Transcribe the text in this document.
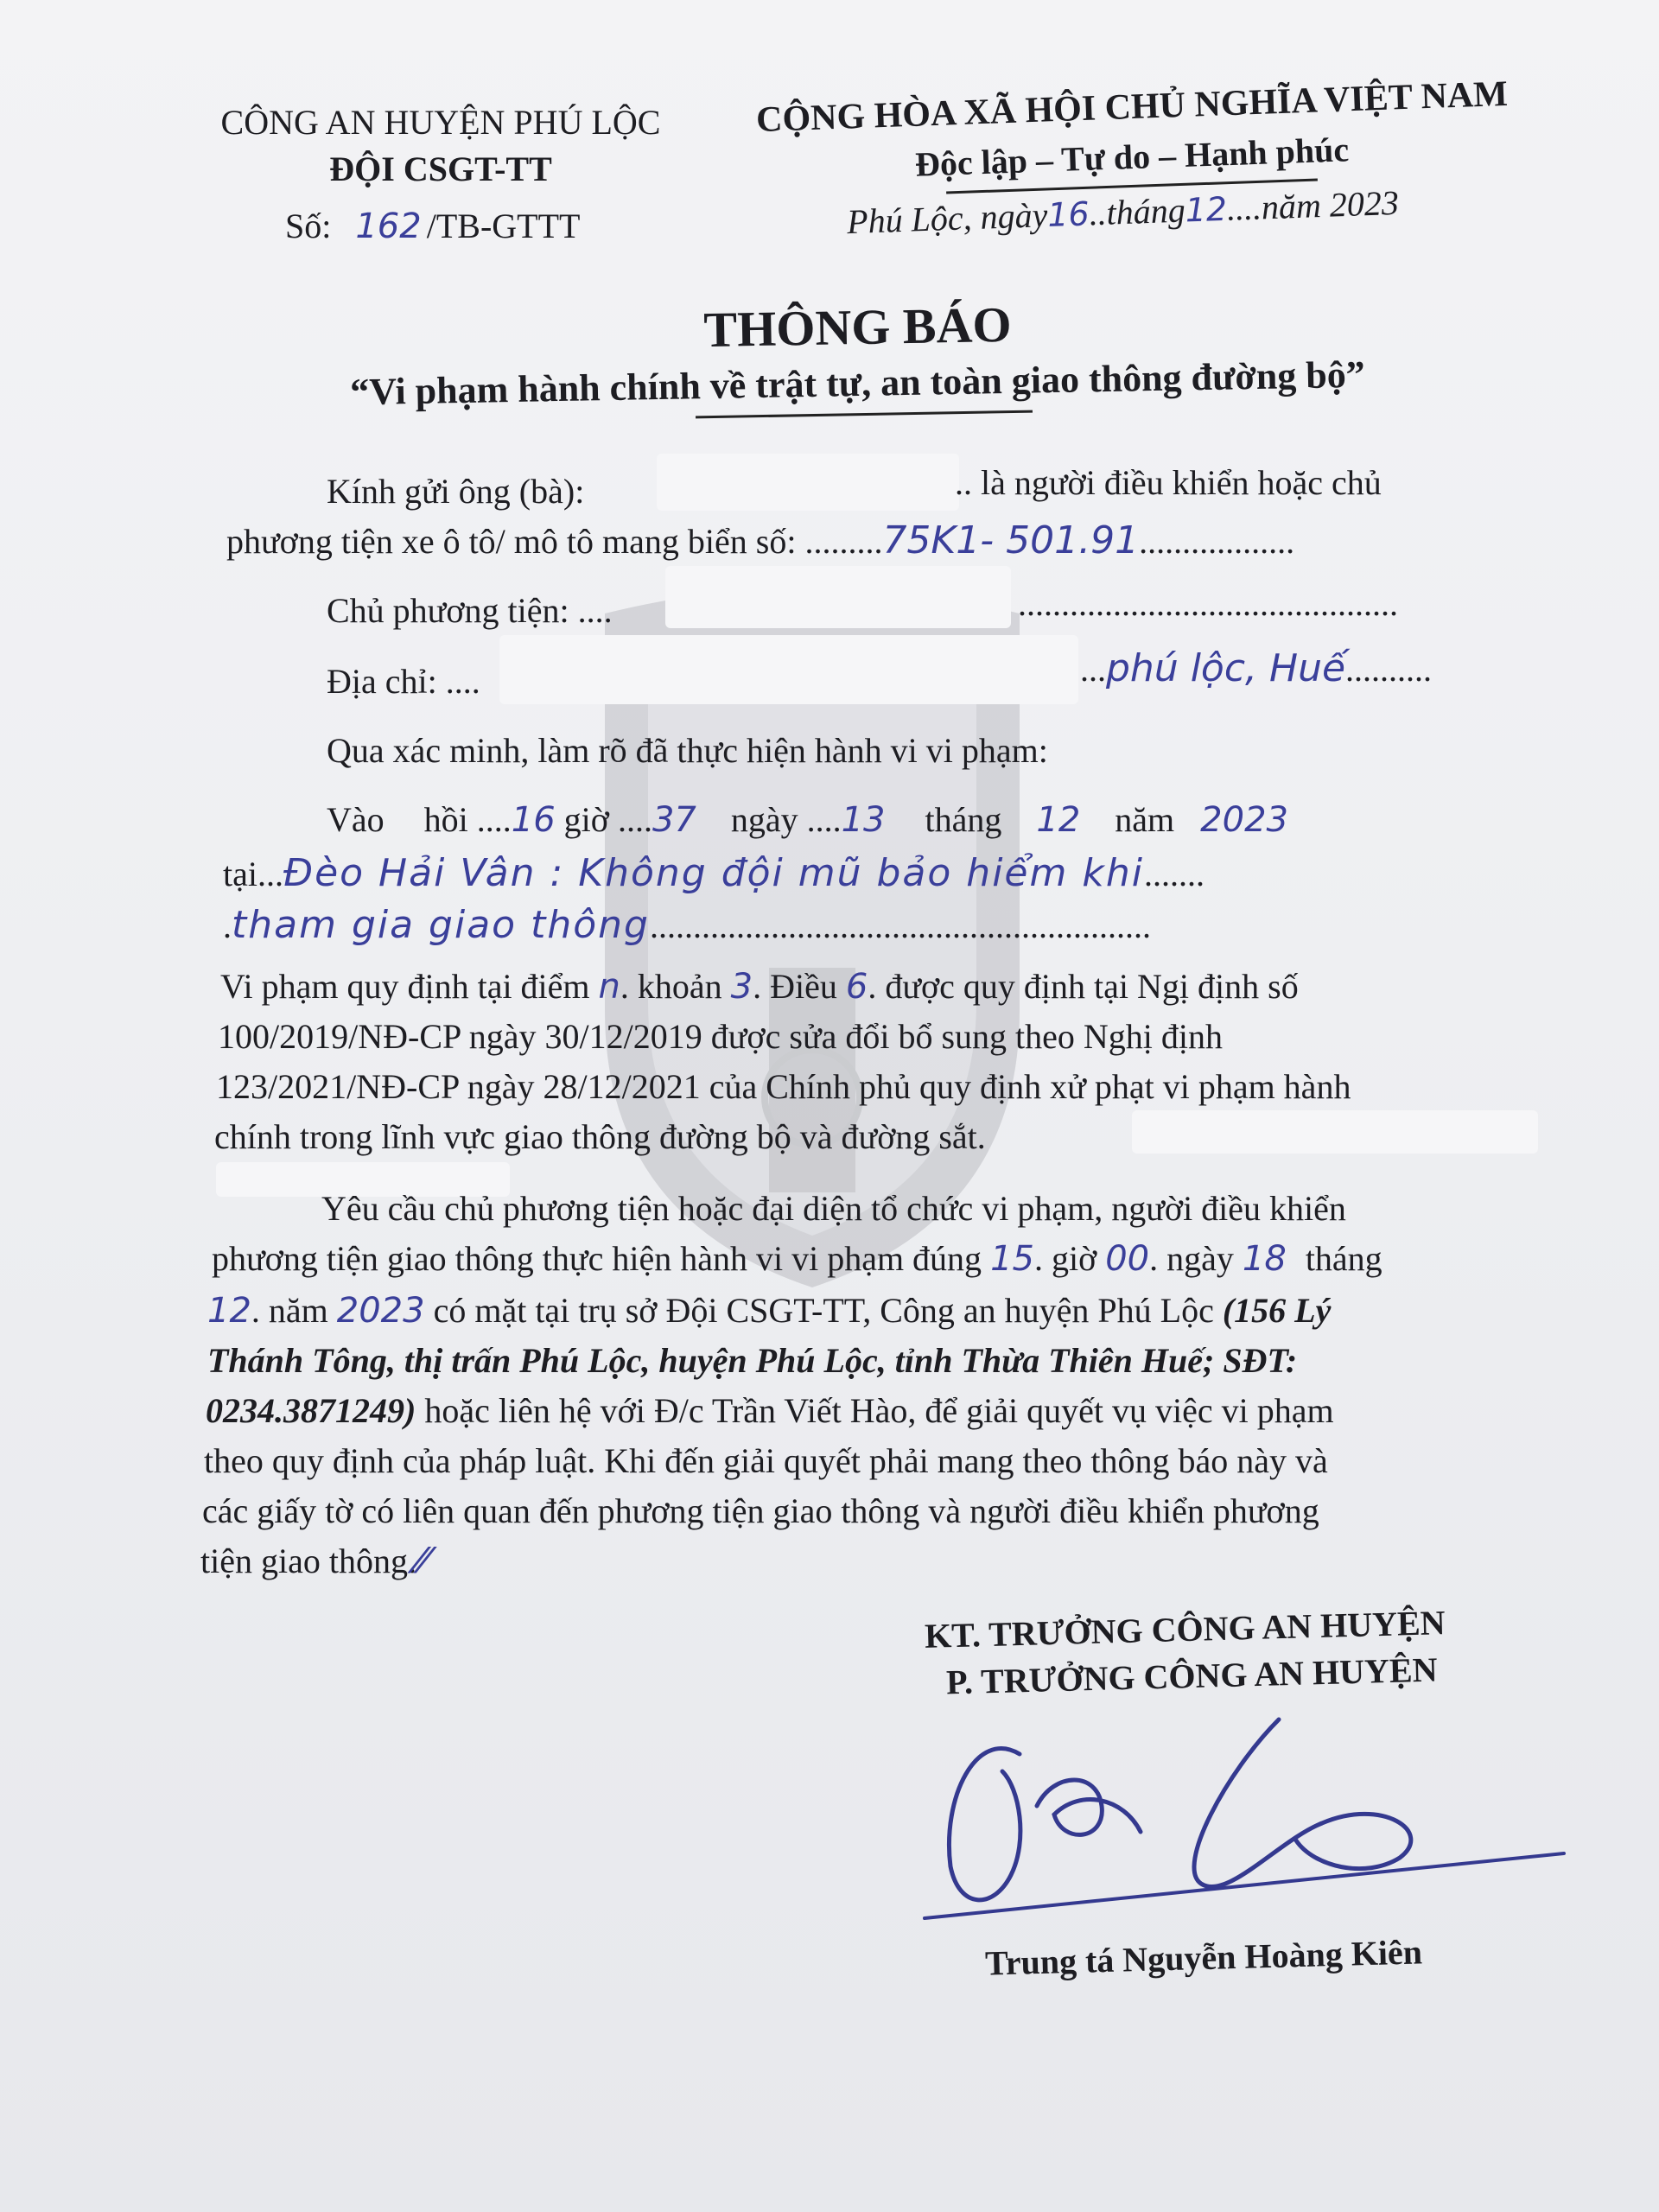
CÔNG AN HUYỆN PHÚ LỘC
ĐỘI CSGT-TT
Số: 162 /TB-GTTT
CỘNG HÒA XÃ HỘI CHỦ NGHĨA VIỆT NAM
Độc lập – Tự do – Hạnh phúc
Phú Lộc, ngày16..tháng12....năm 2023
THÔNG BÁO
“Vi phạm hành chính về trật tự, an toàn giao thông đường bộ”
Kính gửi ông (bà):	.. là người điều khiển hoặc chủ
phương tiện xe ô tô/ mô tô mang biển số: .........75K1- 501.91..................
Chủ phương tiện: ....	............................................
Địa chỉ: ....	...phú lộc, Huế..........
Qua xác minh, làm rõ đã thực hiện hành vi vi phạm:
Vào hồi ....16 giờ ....37 ngày ....13 tháng 12 năm 2023
tại...Đèo Hải Vân : Không đội mũ bảo hiểm khi.......
.tham gia giao thông..........................................................
Vi phạm quy định tại điểm n. khoản 3. Điều 6. được quy định tại Ngị định số
100/2019/NĐ-CP ngày 30/12/2019 được sửa đổi bổ sung theo Nghị định
123/2021/NĐ-CP ngày 28/12/2021 của Chính phủ quy định xử phạt vi phạm hành
chính trong lĩnh vực giao thông đường bộ và đường sắt.
Yêu cầu chủ phương tiện hoặc đại diện tổ chức vi phạm, người điều khiển
phương tiện giao thông thực hiện hành vi vi phạm đúng 15. giờ 00. ngày 18 tháng
12. năm 2023 có mặt tại trụ sở Đội CSGT-TT, Công an huyện Phú Lộc (156 Lý
Thánh Tông, thị trấn Phú Lộc, huyện Phú Lộc, tỉnh Thừa Thiên Huế; SĐT:
0234.3871249) hoặc liên hệ với Đ/c Trần Viết Hào, để giải quyết vụ việc vi phạm
theo quy định của pháp luật. Khi đến giải quyết phải mang theo thông báo này và
các giấy tờ có liên quan đến phương tiện giao thông và người điều khiển phương
tiện giao thông.⁄⁄
KT. TRƯỞNG CÔNG AN HUYỆN
P. TRƯỞNG CÔNG AN HUYỆN
Trung tá Nguyễn Hoàng Kiên
